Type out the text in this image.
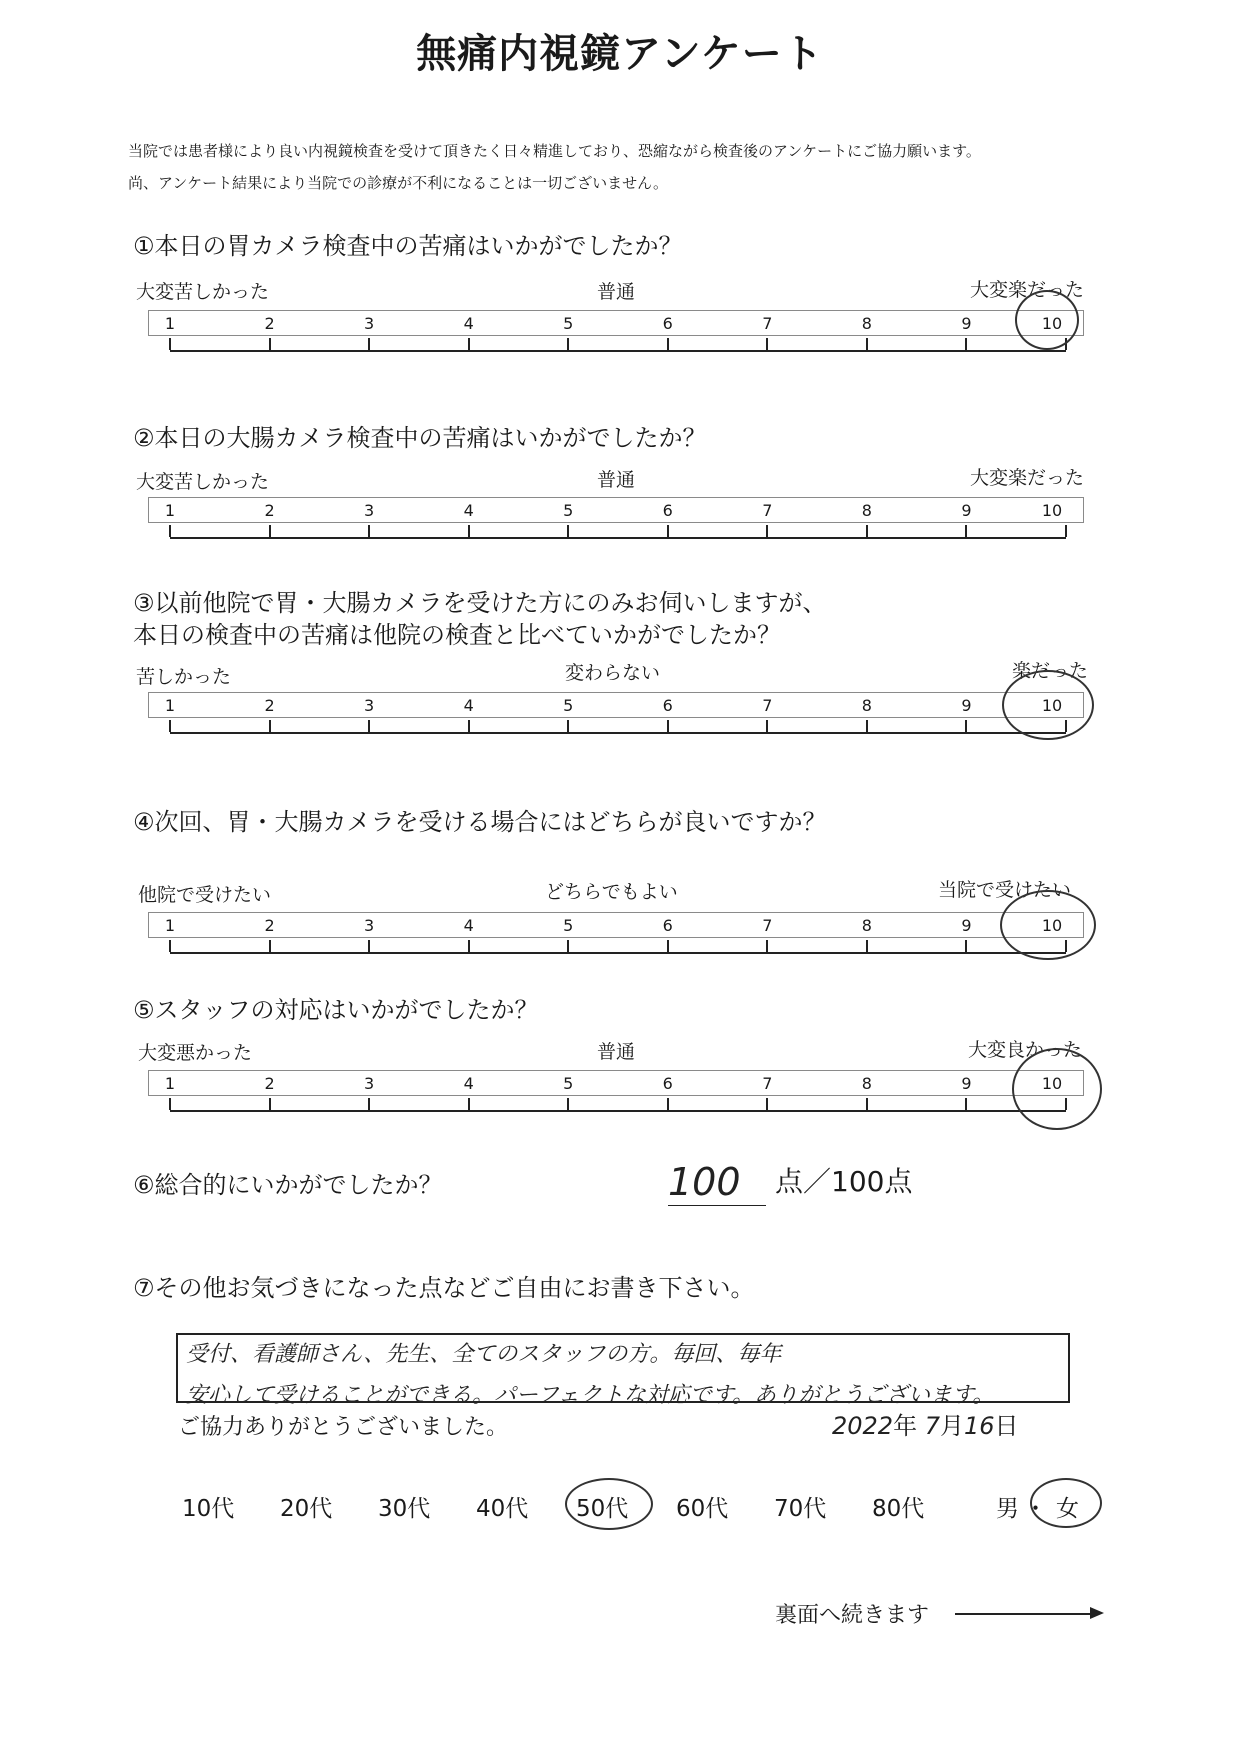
無痛内視鏡アンケート
当院では患者様により良い内視鏡検査を受けて頂きたく日々精進しており、恐縮ながら検査後のアンケートにご協力願います。
尚、アンケート結果により当院での診療が不利になることは一切ございません。
①本日の胃カメラ検査中の苦痛はいかがでしたか？
大変苦しかった	普通	大変楽だった
1	2	3	4	5	6	7	8	9	10
②本日の大腸カメラ検査中の苦痛はいかがでしたか？
大変苦しかった	普通	大変楽だった
1	2	3	4	5	6	7	8	9	10
③以前他院で胃・大腸カメラを受けた方にのみお伺いしますが、
本日の検査中の苦痛は他院の検査と比べていかがでしたか？
苦しかった	変わらない	楽だった
1	2	3	4	5	6	7	8	9	10
④次回、胃・大腸カメラを受ける場合にはどちらが良いですか？
他院で受けたい	どちらでもよい	当院で受けたい
1	2	3	4	5	6	7	8	9	10
⑤スタッフの対応はいかがでしたか？
大変悪かった	普通	大変良かった
1	2	3	4	5	6	7	8	9	10
⑥総合的にいかがでしたか？	100 点／100点
⑦その他お気づきになった点などご自由にお書き下さい。
受付、看護師さん、先生、全てのスタッフの方。毎回、毎年
安心して受けることができる。パーフェクトな対応です。ありがとうございます。
ご協力ありがとうございました。	2022年 7月16日
10代 20代 30代 40代 50代 60代 70代 80代	男 ・ 女
裏面へ続きます
